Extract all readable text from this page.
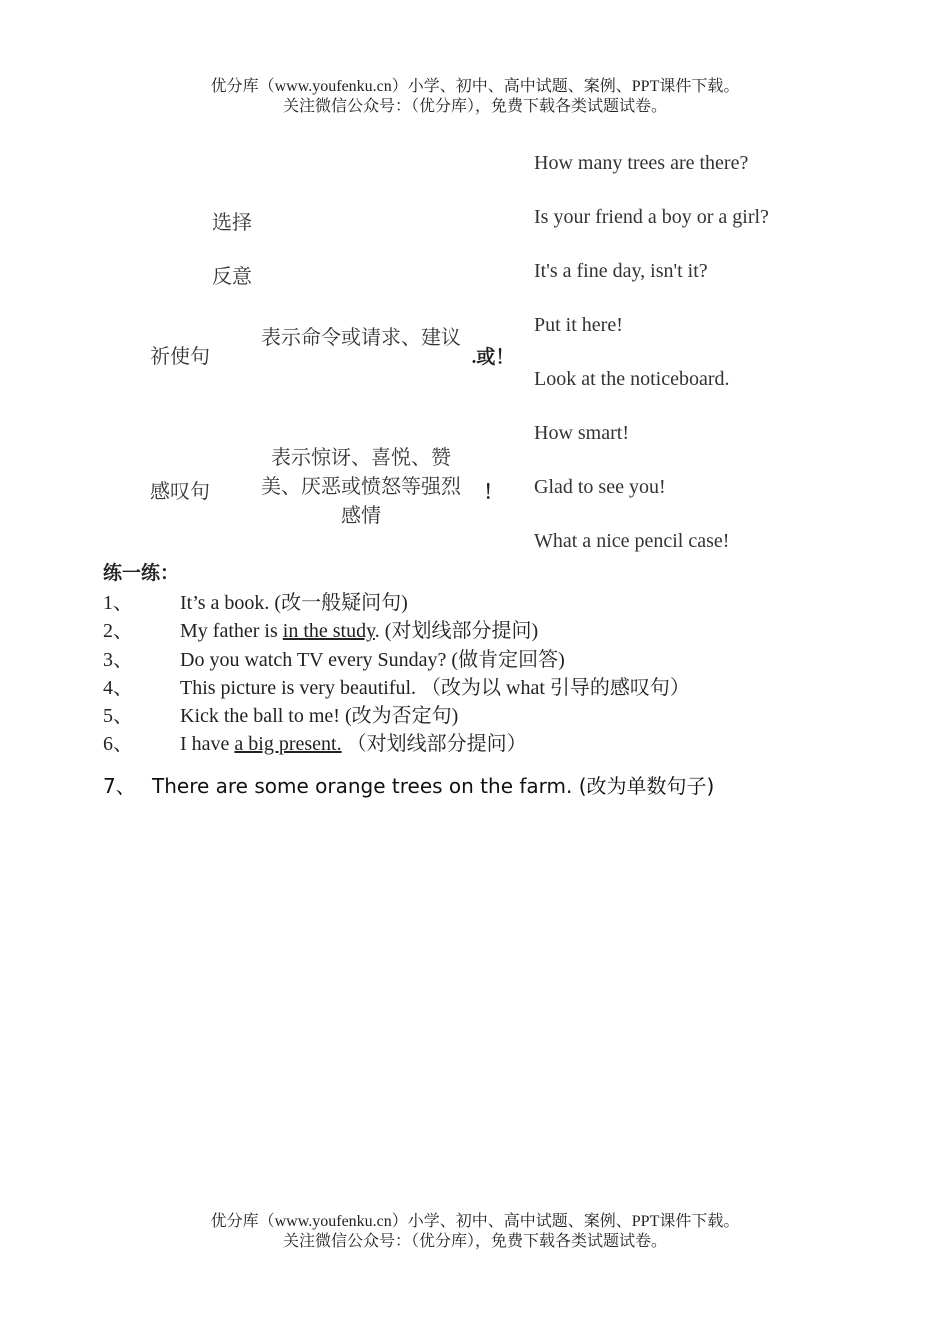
优分库（www.youfenku.cn）小学、初中、高中试题、案例、PPT课件下载。
关注微信公众号：（优分库），免费下载各类试题试卷。
选择
反意
祈使句
表示命令或请求、建议
.或！
感叹句
表示惊讶、喜悦、赞美、厌恶或愤怒等强烈感情
！
How many trees are there?
Is your friend a boy or a girl?
It's a fine day, isn't it?
Put it here!
Look at the noticeboard.
How smart!
Glad to see you!
What a nice pencil case!
练一练：
1、 It’s a book. (改一般疑问句)
2、 My father is in the study. (对划线部分提问)
3、 Do you watch TV every Sunday? (做肯定回答)
4、 This picture is very beautiful. （改为以 what 引导的感叹句）
5、 Kick the ball to me! (改为否定句)
6、 I have a big present. （对划线部分提问）
7、 There are some orange trees on the farm. (改为单数句子)
优分库（www.youfenku.cn）小学、初中、高中试题、案例、PPT课件下载。
关注微信公众号：（优分库），免费下载各类试题试卷。
